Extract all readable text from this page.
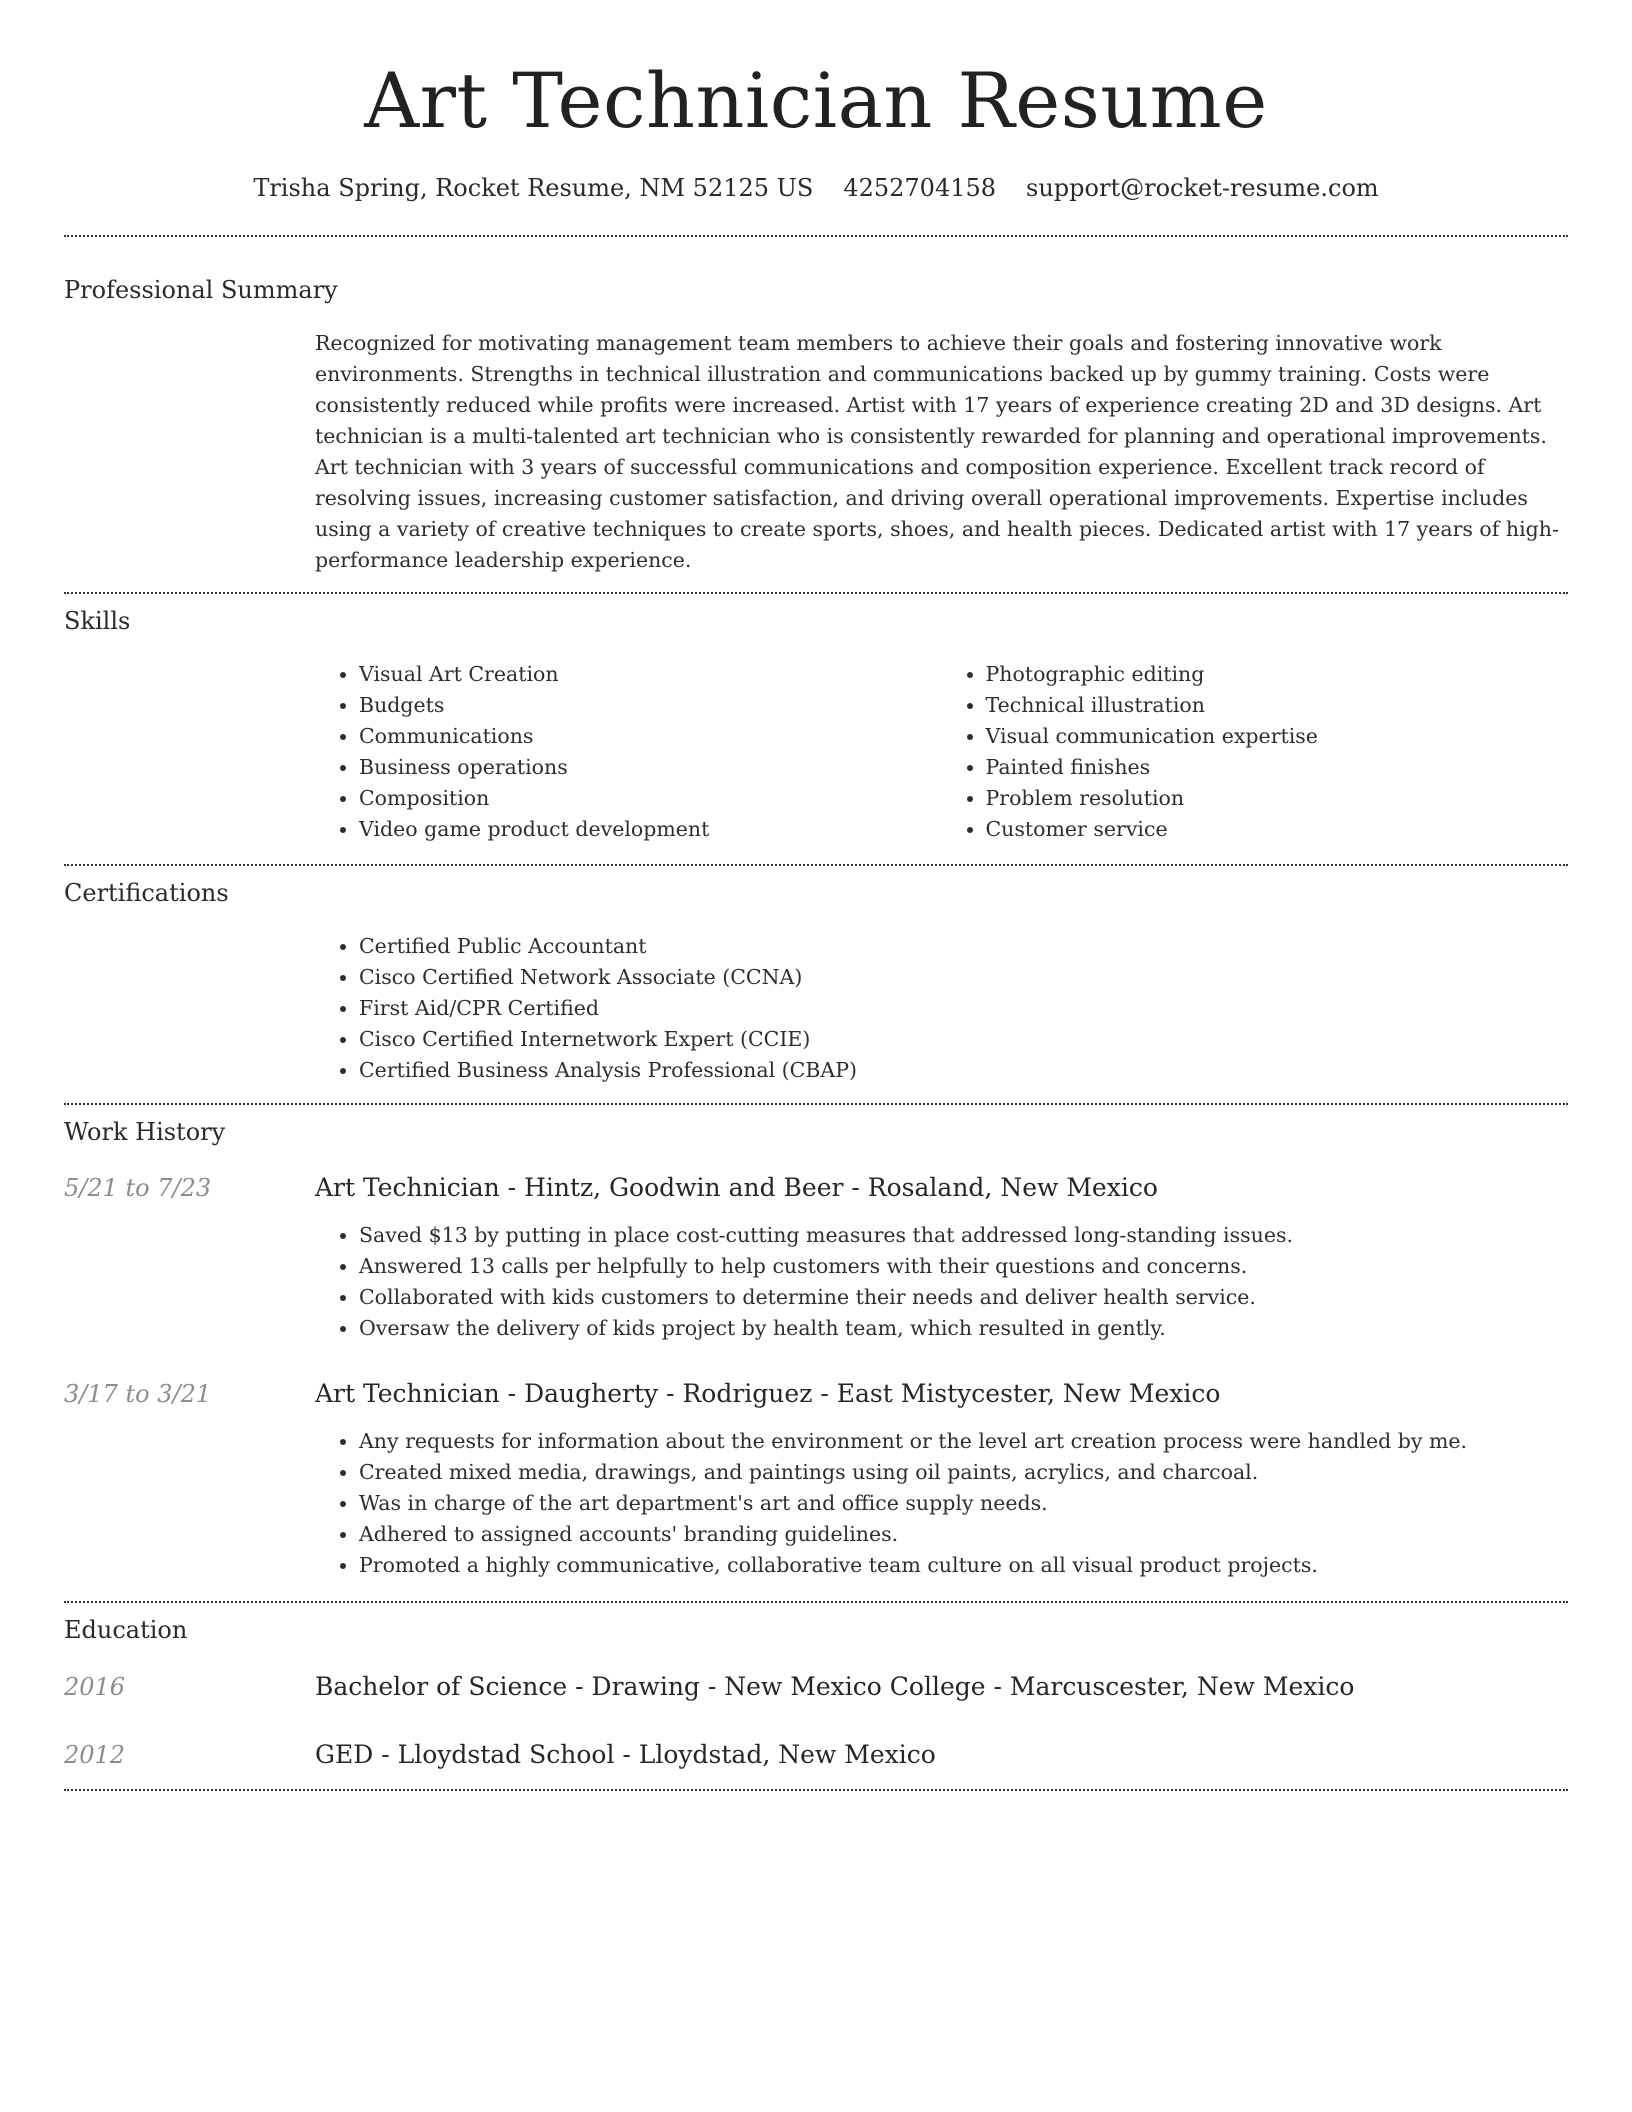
Art Technician Resume
Trisha Spring, Rocket Resume, NM 52125 US 4252704158 support@rocket-resume.com
Professional Summary

Recognized for motivating management team members to achieve their goals and fostering innovative work environments. Strengths in technical illustration and communications backed up by gummy training. Costs were consistently reduced while profits were increased. Artist with 17 years of experience creating 2D and 3D designs. Art technician is a multi-talented art technician who is consistently rewarded for planning and operational improvements. Art technician with 3 years of successful communications and composition experience. Excellent track record of resolving issues, increasing customer satisfaction, and driving overall operational improvements. Expertise includes using a variety of creative techniques to create sports, shoes, and health pieces. Dedicated artist with 17 years of high-performance leadership experience.

Skills
• Visual Art Creation
• Budgets
• Communications
• Business operations
• Composition
• Video game product development
• Photographic editing
• Technical illustration
• Visual communication expertise
• Painted finishes
• Problem resolution
• Customer service
Certifications
• Certified Public Accountant
• Cisco Certified Network Associate (CCNA)
• First Aid/CPR Certified
• Cisco Certified Internetwork Expert (CCIE)
• Certified Business Analysis Professional (CBAP)
Work History
5/21 to 7/23	Art Technician - Hintz, Goodwin and Beer - Rosaland, New Mexico
• Saved $13 by putting in place cost-cutting measures that addressed long-standing issues.
• Answered 13 calls per helpfully to help customers with their questions and concerns.
• Collaborated with kids customers to determine their needs and deliver health service.
• Oversaw the delivery of kids project by health team, which resulted in gently.
3/17 to 3/21	Art Technician - Daugherty - Rodriguez - East Mistycester, New Mexico
• Any requests for information about the environment or the level art creation process were handled by me.
• Created mixed media, drawings, and paintings using oil paints, acrylics, and charcoal.
• Was in charge of the art department's art and office supply needs.
• Adhered to assigned accounts' branding guidelines.
• Promoted a highly communicative, collaborative team culture on all visual product projects.
Education
2016	Bachelor of Science - Drawing - New Mexico College - Marcuscester, New Mexico
2012	GED - Lloydstad School - Lloydstad, New Mexico
